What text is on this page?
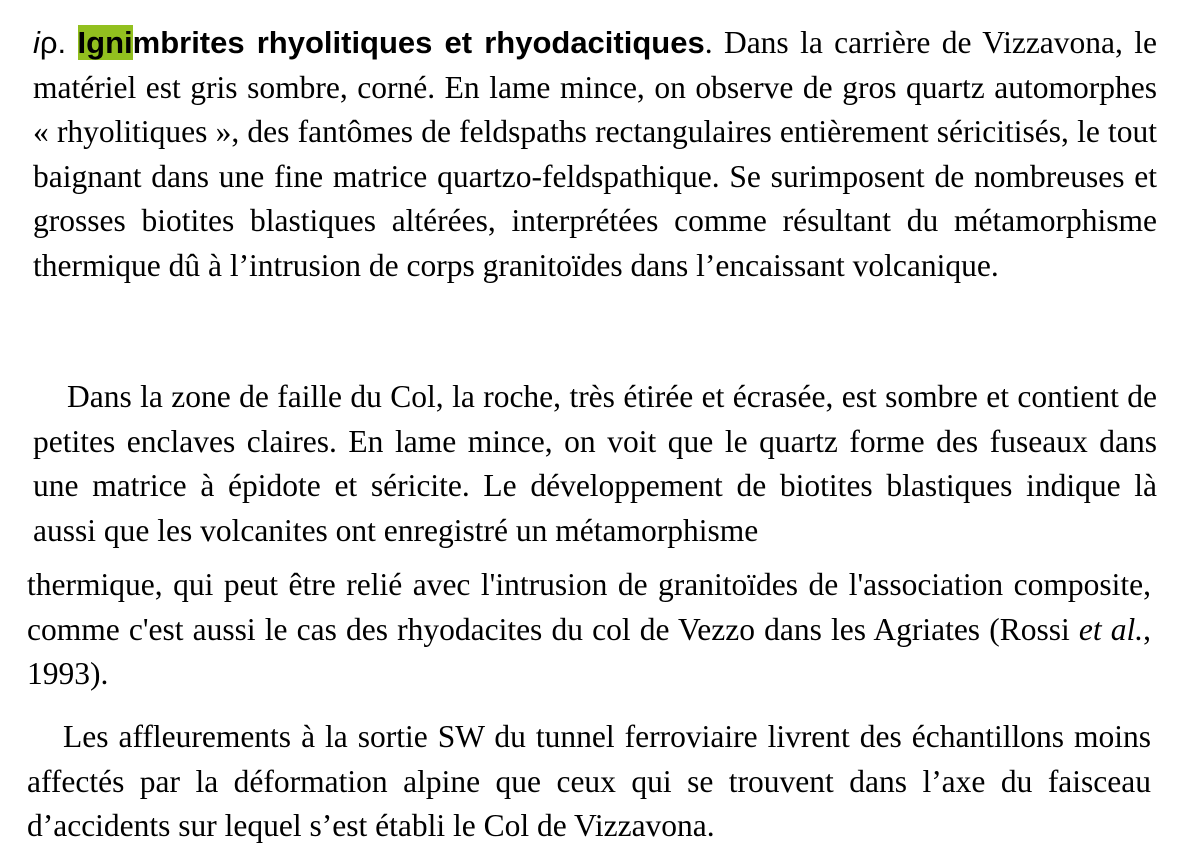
iρ. Ignimbrites rhyolitiques et rhyodacitiques. Dans la carrière de Vizzavona, le matériel est gris sombre, corné. En lame mince, on observe de gros quartz automorphes « rhyolitiques », des fantômes de feldspaths rectangulaires entièrement séricitisés, le tout baignant dans une fine matrice quartzo-feldspathique. Se surimposent de nombreuses et grosses biotites blastiques altérées, interprétées comme résultant du métamorphisme thermique dû à l’intrusion de corps granitoïdes dans l’encaissant volcanique.

Dans la zone de faille du Col, la roche, très étirée et écrasée, est sombre et contient de petites enclaves claires. En lame mince, on voit que le quartz forme des fuseaux dans une matrice à épidote et séricite. Le développement de biotites blastiques indique là aussi que les volcanites ont enregistré un métamorphisme

thermique, qui peut être relié avec l'intrusion de granitoïdes de l'association composite, comme c'est aussi le cas des rhyodacites du col de Vezzo dans les Agriates (Rossi et al., 1993).

Les affleurements à la sortie SW du tunnel ferroviaire livrent des échantillons moins affectés par la déformation alpine que ceux qui se trouvent dans l’axe du faisceau d’accidents sur lequel s’est établi le Col de Vizzavona.
